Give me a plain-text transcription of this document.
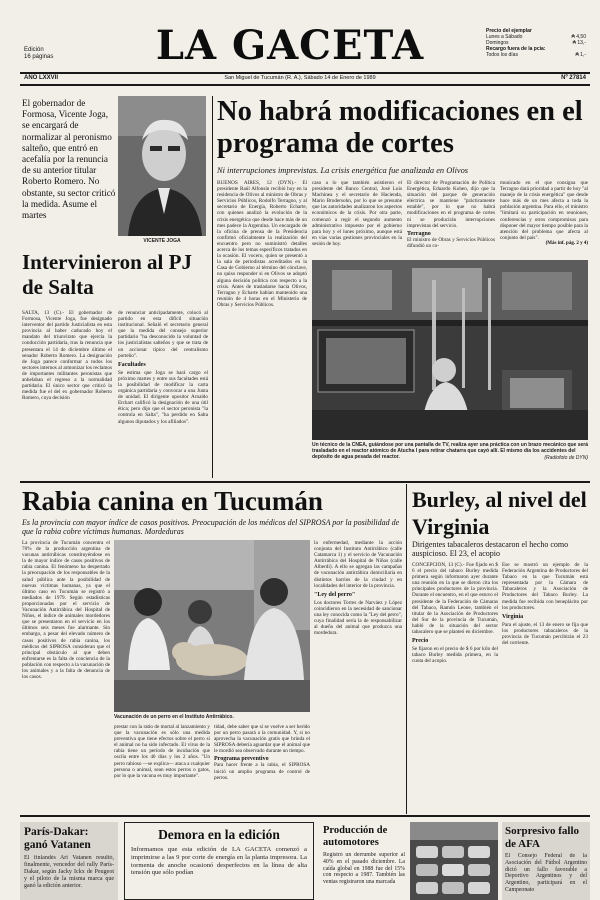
Edición
16 páginas	LA GACETA	Precio del ejemplar
Lunes a Sábado	₳ 4,50
Domingos	₳ 13,-
Recargo fuera de la pcia:
Todos los días	₳ 1,-
AÑO LXXVII	San Miguel de Tucumán (R. A.), Sábado 14 de Enero de 1989	Nº 27814
El gobernador de Formosa, Vicente Joga, se encargará de normalizar al peronismo salteño, que entró en acefalía por la renuncia de su anterior titular Roberto Romero. No obstante, su sector criticó la medida. Asume el martes
VICENTE JOGA
Intervinieron al PJ de Salta
SALTA, 13 (C).- El gobernador de Formosa, Vicente Joga, fue designado interventor del partido Justicialista en esta provincia al haber caducado hoy el mandato del triunvirato que ejercía la conducción partidaria, tras la renuncia que presentara el 14 de diciembre último el senador Roberto Romero. La designación de Joga parece conformar a todos los sectores internos al armonizar los reclamos de importantes militantes peronistas que anhelaban el regreso a la normalidad partidaria. El único sector que criticó la medida fue el del ex gobernador Roberto Romero, cuya decisión
de renunciar anticipadamente, colocó al partido en esta difícil situación institucional. Señaló el secretario general que la medida del consejo superior partidario "ha desconocido la voluntad de los justicialistas salteños y que se trata de un accionar típico del centralismo porteño".
Facultades
Se estima que Joga se hará cargo el próximo martes y entre sus facultades está la posibilidad de modificar la carta orgánica partidaria y convocar a una Junta de unidad. El dirigente opositor Arnaldo Etchart calificó la designación de una útil ética; pero dijo que el sector peronista "la controla en Salta", "ha perdido en Salta algunos diputados y los afiliados".
No habrá modificaciones en el programa de cortes
Ni interrupciones imprevistas. La crisis energética fue analizada en Olivos
BUENOS AIRES, 12 (DYN).- El presidente Raúl Alfonsín recibió hoy en la residencia de Olivos al ministro de Obras y Servicios Públicos, Rodolfo Terragno, y al secretario de Energía, Roberto Echarte, con quienes analizó la evolución de la crisis energética que desde hace más de un mes padece la Argentina. Un encargado de la oficina de prensa de la Presidencia confirmó oficialmente la realización del encuentro pero no suministró detalles acerca de los temas específicos tratados en la ocasión. El vocero, quien se presentó a la sala de periodistas acreditados en la Casa de Gobierno al término del cónclave, no quiso responder si en Olivos se adoptó alguna decisión política con respecto a la crisis. Antes de trasladarse hacia Olivos, Terragno y Echarte habían mantenido una reunión de 4 horas en el Ministerio de Obras y Servicios Públicos.
caso a lo que también asistieron el presidente del Banco Central, José Luis Machinea y el secretario de Hacienda, Mario Brodersohn, por lo que se presume que las autoridades analizaron los aspectos económicos de la crisis. Por otra parte, comenzó a regir el segundo aumento administrativo impuesto por el gobierno para hoy y el lunes próximo, aunque está en vías varias gestiones provinciales en la sesión de hoy.
El director de Programación de Política Energética, Eduardo Kohen, dijo que la situación del parque de generación eléctrica se mantiene "prácticamente estable", por lo que no habrá modificaciones en el programa de cortes ni se producirán interrupciones imprevistas del servicio.
Terragno
El ministro de Obras y Servicios Públicos difundió un co-
municado en el que consigna que Terragno dará prioridad a partir de hoy "al manejo de la crisis energética" que desde hace más de un mes afecta a toda la población argentina. Para ello, el ministro "limitará su participación en reuniones, conferencias y otros compromisos para disponer del mayor tiempo posible para la atención del problema que afecta al conjunto del país".
(Más inf. pág. 2 y 4)
Un técnico de la CNEA, guiándose por una pantalla de TV, realiza ayer una práctica con un brazo mecánico que será trasladado en el reactor atómico de Atucha I para retirar chatarra que cayó allí. El mismo día los accidentes del depósito de agua pesada del reactor.	(Radiofoto de DYN)
Rabia canina en Tucumán
Es la provincia con mayor índice de casos positivos. Preocupación de los médicos del SIPROSA por la posibilidad de que la rabia cobre víctimas humanas. Mordeduras
La provincia de Tucumán concentra el 70% de la producción argentina de vacunas antirrábicas constituyéndose en la de mayor índice de casos positivos de rabia canina. El fenómeno ha despertado la preocupación de los responsables de la salud pública ante la posibilidad de nuevas víctimas humanas, ya que el último caso en Tucumán se registró a mediados de 1979. Según estadísticas proporcionadas por el servicio de Vacunación Antirrábica del Hospital de Niños, el índice de animales mordedores que se presentaron en el servicio en los últimos seis meses fue alarmante. Sin embargo, a pesar del elevado número de casos positivos de rabia canina, los médicos del SIPROSA consideran que el principal obstáculo al que deben enfrentarse es la falta de conciencia de la población con respecto a la vacunación de los animales y a la falta de denuncia de los casos.
Vacunación de un perro en el Instituto Antirrábico.
prestar con la ratio de mortal al lanzamiento y que la vacunación es sólo una medida preventiva que tiene efectos sobre el perro si el animal no ha sido infectado. El virus de la rabia tiene un período de incubación que oscila entre los 40 días y los 2 años. "Un perro rabioso —se explica— ataca a cualquier persona o animal, sean estos perros o gatos, por lo que la vacuna es muy importante".
tidad, debe saber que si se vuelve a ser herido por un perro pasará a la comunidad. Y, si no aprovecha la vacunación gratis que brinda el SIPROSA debería aguardar que el animal que le mordió sea observado durante un tiempo.
Programa preventivo
Para hacer frente a la rabia, el SIPROSA inició un amplio programa de control de perros.
la enfermedad, mediante la acción conjunta del Instituto Antirrábico (calle Catamarca 1) y el servicio de Vacunación Antirrábica del Hospital de Niños (calle Alberdi). A ello se agregan las campañas de vacunación antirrábica domiciliaria en distintos barrios de la ciudad y en localidades del interior de la provincia.
"Ley del perro"
Los doctores Torres de Narváez y López coincidieron en la necesidad de sancionar una ley conocida como la "Ley del perro", cuya finalidad sería la de responsabilizar al dueño del animal que produzca una mordedura.
Burley, al nivel del Virginia
Dirigentes tabacaleros destacaron el hecho como auspicioso. El 23, el acopio
CONCEPCIÓN, 13 (C).- Fue fijado en $ 6 el precio del tabaco Burley medida primera según informaron ayer durante una reunión en la que se dieron cita los principales productores de la provincia. Durante el encuentro, en el que estuvo el presidente de la Federación de Cámaras del Tabaco, Ramón Leone, también el titular de la Asociación de Productores del Sur de la provincia de Tucumán, habló de la situación del sector tabacalero que se planteó en diciembre.
Precio
Se fijaron en el precio de $ 6 por kilo del tabaco Burley medida primera, en la cuota del acopio.
Ese se mostró un ejemplo de la Federación Argentina de Productores del Tabaco en la que Tucumán está representada por la Cámara de Tabacaleros y la Asociación de Productores del Tabaco Burley. La medida fue recibida con beneplácito por los productores.
Virginia
Para el ajuste, el 13 de enero se fija que los productores tabacaleros de la provincia de Tucumán percibirán el 23 del corriente.
París-Dakar: ganó Vatanen
El finlandés Ari Vatanen resultó, finalmente, vencedor del rally París-Dakar, según Jacky Ickx de Peugeot y el piloto de la misma marca que ganó la edición anterior.
Demora en la edición
Informamos que esta edición de LA GACETA comenzó a imprimirse a las 9 por corte de energía en la planta impresora. La tormenta de anoche ocasionó desperfectos en la línea de alta tensión que sólo podían
Producción de automotores
Registró un derrumbe superior al 40% en el pasado diciembre. La caída global en 1988 fue del 15% con respecto a 1987. También las ventas registraron una marcada
Sorpresivo fallo de AFA
El Consejo Federal de la Asociación del Fútbol Argentino dictó un fallo favorable a Deportivo Argentinos y del Argentino, participará en el Campeonato
